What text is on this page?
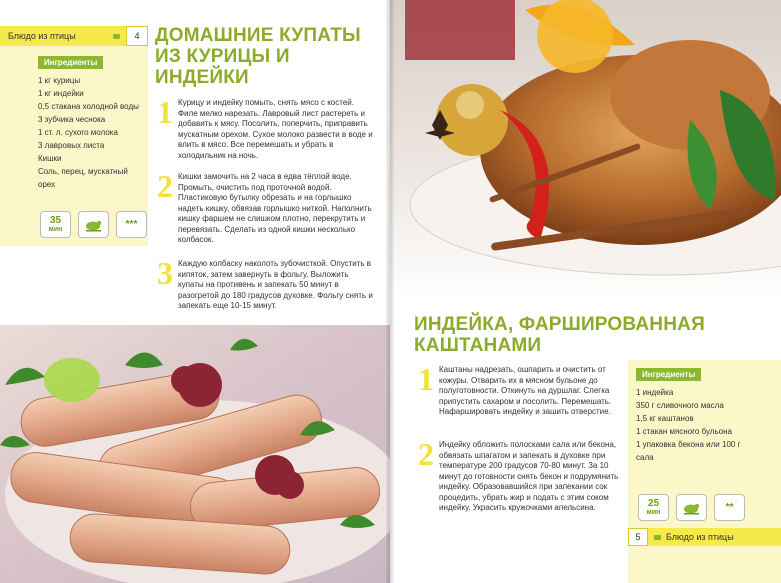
Блюдо из птицы	4
Ингредиенты
1 кг курицы
1 кг индейки
0,5 стакана холодной воды
3 зубчика чеснока
1 ст. л. сухого молока
3 лавровых листа
Кишки
Соль, перец, мускатный орех
35
мин	***
ДОМАШНИЕ КУПАТЫ ИЗ КУРИЦЫ И ИНДЕЙКИ
1 Курицу и индейку помыть, снять мясо с костей. Филе мелко нарезать. Лавровый лист растереть и добавить к мясу. Посолить, поперчить, приправить мускатным орехом. Сухое молоко развести в воде и влить в мясо. Все перемешать и убрать в холодильник на ночь.

2 Кишки замочить на 2 часа в едва тёплой воде. Промыть, очистить под проточной водой. Пластиковую бутылку обрезать и на горлышко надеть кишку, обвязав горлышко ниткой. Наполнить кишку фаршем не слишком плотно, перекрутить и перевязать. Сделать из одной кишки несколько колбасок.

3 Каждую колбаску наколоть зубочисткой. Опустить в кипяток, затем завернуть в фольгу. Выложить купаты на противень и запекать 50 минут в разогретой до 180 градусов духовке. Фольгу снять и запекать еще 10-15 минут.

ИНДЕЙКА, ФАРШИРОВАННАЯ КАШТАНАМИ
1 Каштаны надрезать, ошпарить и очистить от кожуры. Отварить их в мясном бульоне до полуготовности. Откинуть на дуршлаг. Слегка припустить сахаром и посолить. Перемешать. Нафаршировать индейку и зашить отверстие.

2 Индейку обложить полосками сала или бекона, обвязать шпагатом и запекать в духовке при температуре 200 градусов 70-80 минут. За 10 минут до готовности снять бекон и подрумянить индейку. Образовавшийся при запекании сок процедить, убрать жир и подать с этим соком индейку. Украсить кружочками апельсина.

Ингредиенты
1 индейка
350 г сливочного масла
1,5 кг каштанов
1 стакан мясного бульона
1 упаковка бекона или 100 г сала
25
мин	**
5	Блюдо из птицы
